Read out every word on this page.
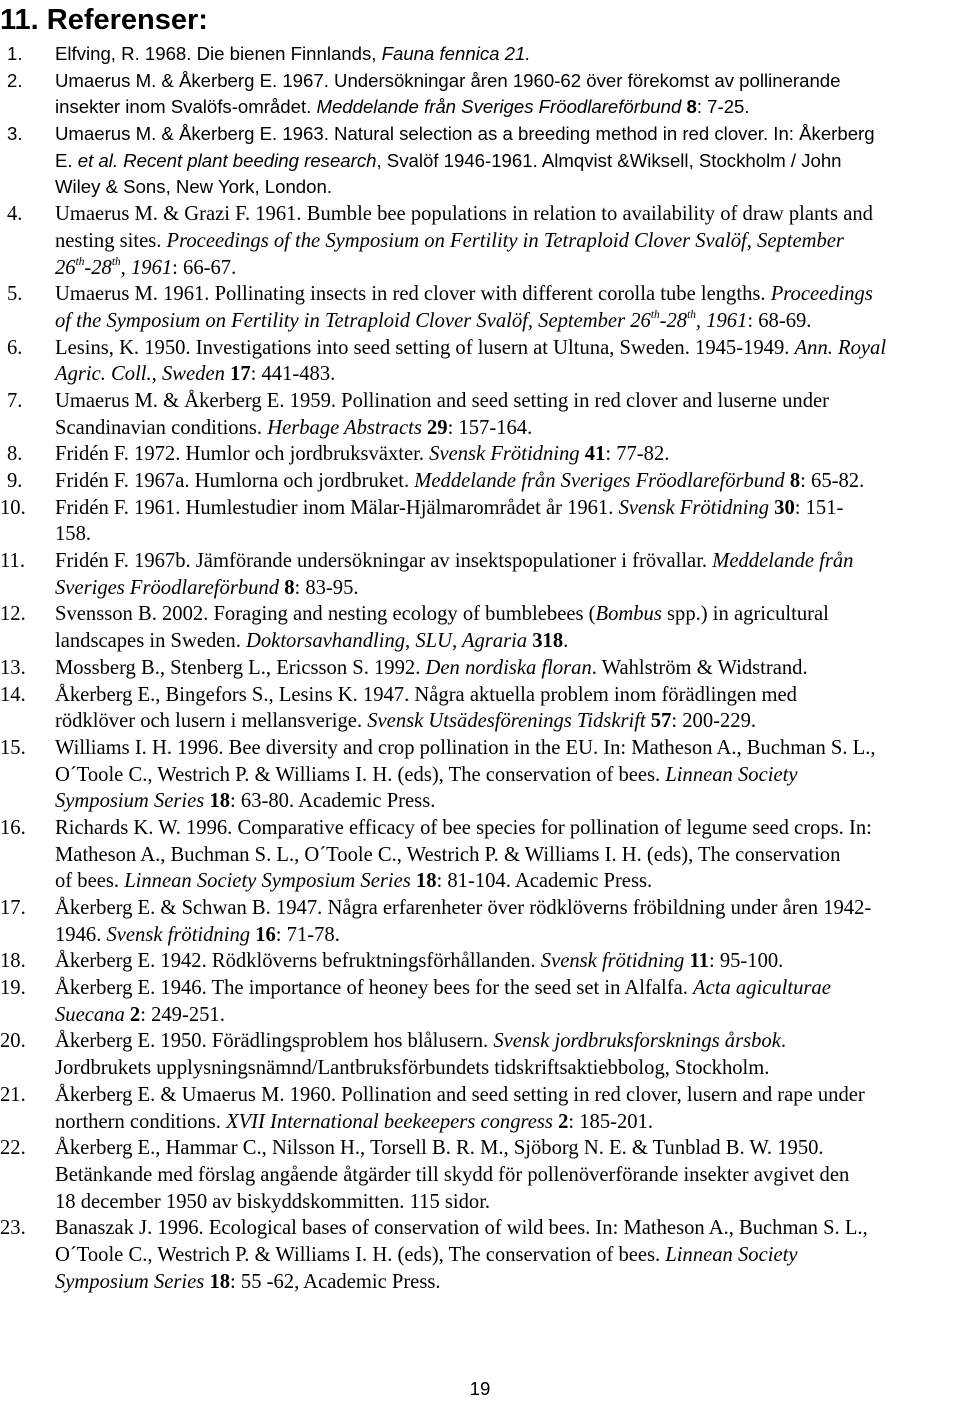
11. Referenser:
1. Elfving, R. 1968. Die bienen Finnlands, Fauna fennica 21.
2. Umaerus M. & Åkerberg E. 1967. Undersökningar åren 1960-62 över förekomst av pollinerande
insekter inom Svalöfs-området. Meddelande från Sveriges Fröodlareförbund 8: 7-25.
3. Umaerus M. & Åkerberg E. 1963. Natural selection as a breeding method in red clover. In: Åkerberg
E. et al. Recent plant beeding research, Svalöf 1946-1961. Almqvist &Wiksell, Stockholm / John
Wiley & Sons, New York, London.
4. Umaerus M. & Grazi F. 1961. Bumble bee populations in relation to availability of draw plants and
nesting sites. Proceedings of the Symposium on Fertility in Tetraploid Clover Svalöf, September
26th-28th, 1961: 66-67.
5. Umaerus M. 1961. Pollinating insects in red clover with different corolla tube lengths. Proceedings
of the Symposium on Fertility in Tetraploid Clover Svalöf, September 26th-28th, 1961: 68-69.
6. Lesins, K. 1950. Investigations into seed setting of lusern at Ultuna, Sweden. 1945-1949. Ann. Royal
Agric. Coll., Sweden 17: 441-483.
7. Umaerus M. & Åkerberg E. 1959. Pollination and seed setting in red clover and luserne under
Scandinavian conditions. Herbage Abstracts 29: 157-164.
8. Fridén F. 1972. Humlor och jordbruksväxter. Svensk Frötidning 41: 77-82.
9. Fridén F. 1967a. Humlorna och jordbruket. Meddelande från Sveriges Fröodlareförbund 8: 65-82.
10. Fridén F. 1961. Humlestudier inom Mälar-Hjälmarområdet år 1961. Svensk Frötidning 30: 151-
158.
11. Fridén F. 1967b. Jämförande undersökningar av insektspopulationer i frövallar. Meddelande från
Sveriges Fröodlareförbund 8: 83-95.
12. Svensson B. 2002. Foraging and nesting ecology of bumblebees (Bombus spp.) in agricultural
landscapes in Sweden. Doktorsavhandling, SLU, Agraria 318.
13. Mossberg B., Stenberg L., Ericsson S. 1992. Den nordiska floran. Wahlström & Widstrand.
14. Åkerberg E., Bingefors S., Lesins K. 1947. Några aktuella problem inom förädlingen med
rödklöver och lusern i mellansverige. Svensk Utsädesförenings Tidskrift 57: 200-229.
15. Williams I. H. 1996. Bee diversity and crop pollination in the EU. In: Matheson A., Buchman S. L.,
O´Toole C., Westrich P. & Williams I. H. (eds), The conservation of bees. Linnean Society
Symposium Series 18: 63-80. Academic Press.
16. Richards K. W. 1996. Comparative efficacy of bee species for pollination of legume seed crops. In:
Matheson A., Buchman S. L., O´Toole C., Westrich P. & Williams I. H. (eds), The conservation
of bees. Linnean Society Symposium Series 18: 81-104. Academic Press.
17. Åkerberg E. & Schwan B. 1947. Några erfarenheter över rödklöverns fröbildning under åren 1942-
1946. Svensk frötidning 16: 71-78.
18. Åkerberg E. 1942. Rödklöverns befruktningsförhållanden. Svensk frötidning 11: 95-100.
19. Åkerberg E. 1946. The importance of heoney bees for the seed set in Alfalfa. Acta agiculturae
Suecana 2: 249-251.
20. Åkerberg E. 1950. Förädlingsproblem hos blålusern. Svensk jordbruksforsknings årsbok.
Jordbrukets upplysningsnämnd/Lantbruksförbundets tidskriftsaktiebbolog, Stockholm.
21. Åkerberg E. & Umaerus M. 1960. Pollination and seed setting in red clover, lusern and rape under
northern conditions. XVII International beekeepers congress 2: 185-201.
22. Åkerberg E., Hammar C., Nilsson H., Torsell B. R. M., Sjöborg N. E. & Tunblad B. W. 1950.
Betänkande med förslag angående åtgärder till skydd för pollenöverförande insekter avgivet den
18 december 1950 av biskyddskommitten. 115 sidor.
23. Banaszak J. 1996. Ecological bases of conservation of wild bees. In: Matheson A., Buchman S. L.,
O´Toole C., Westrich P. & Williams I. H. (eds), The conservation of bees. Linnean Society
Symposium Series 18: 55 -62, Academic Press.
19
